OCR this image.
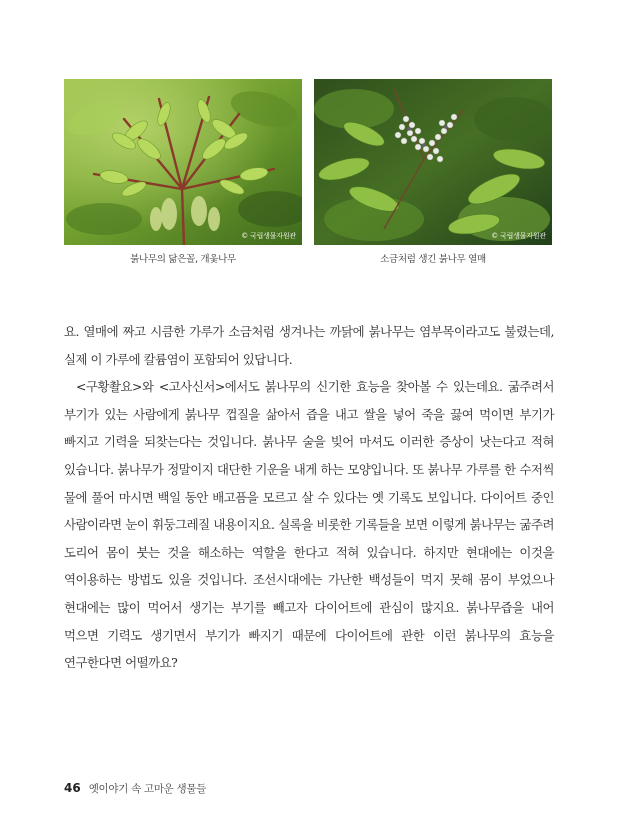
© 국립생물자원관
붉나무의 닮은꼴, 개옻나무
© 국립생물자원관
소금처럼 생긴 붉나무 열매

요. 열매에 짜고 시큼한 가루가 소금처럼 생겨나는 까닭에 붉나무는 염부목이라고도 불렸는데, 실제 이 가루에 칼륨염이 포함되어 있답니다.

<구황촬요>와 <고사신서>에서도 붉나무의 신기한 효능을 찾아볼 수 있는데요. 굶주려서 부기가 있는 사람에게 붉나무 껍질을 삶아서 즙을 내고 쌀을 넣어 죽을 끓여 먹이면 부기가 빠지고 기력을 되찾는다는 것입니다. 붉나무 술을 빚어 마셔도 이러한 증상이 낫는다고 적혀 있습니다. 붉나무가 정말이지 대단한 기운을 내게 하는 모양입니다. 또 붉나무 가루를 한 수저씩 물에 풀어 마시면 백일 동안 배고픔을 모르고 살 수 있다는 옛 기록도 보입니다. 다이어트 중인 사람이라면 눈이 휘둥그레질 내용이지요. 실록을 비롯한 기록들을 보면 이렇게 붉나무는 굶주려 도리어 몸이 붓는 것을 해소하는 역할을 한다고 적혀 있습니다. 하지만 현대에는 이것을 역이용하는 방법도 있을 것입니다. 조선시대에는 가난한 백성들이 먹지 못해 몸이 부었으나 현대에는 많이 먹어서 생기는 부기를 빼고자 다이어트에 관심이 많지요. 붉나무즙을 내어 먹으면 기력도 생기면서 부기가 빠지기 때문에 다이어트에 관한 이런 붉나무의 효능을 연구한다면 어떨까요?

46 옛이야기 속 고마운 생물들
